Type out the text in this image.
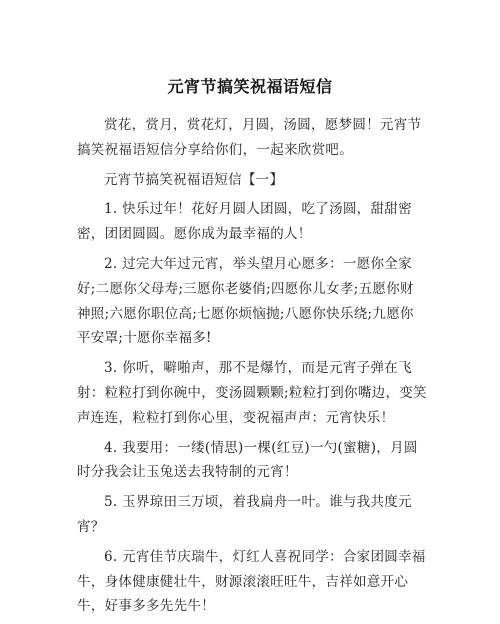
元宵节搞笑祝福语短信

赏花，赏月，赏花灯，月圆，汤圆，愿梦圆！元宵节搞笑祝福语短信分享给你们，一起来欣赏吧。

元宵节搞笑祝福语短信【一】

1. 快乐过年！花好月圆人团圆，吃了汤圆，甜甜密密，团团圆圆。愿你成为最幸福的人！

2. 过完大年过元宵，举头望月心愿多：一愿你全家好;二愿你父母寿;三愿你老婆俏;四愿你儿女孝;五愿你财神照;六愿你职位高;七愿你烦恼抛;八愿你快乐绕;九愿你平安罩;十愿你幸福多!

3. 你听，噼啪声，那不是爆竹，而是元宵子弹在飞射：粒粒打到你碗中，变汤圆颗颗;粒粒打到你嘴边，变笑声连连，粒粒打到你心里，变祝福声声：元宵快乐！

4. 我要用：一缕(情思)一棵(红豆)一勺(蜜糖)，月圆时分我会让玉兔送去我特制的元宵！

5. 玉界琼田三万顷，着我扁舟一叶。谁与我共度元宵？

6. 元宵佳节庆瑞牛，灯红人喜祝同学：合家团圆幸福牛，身体健康健壮牛，财源滚滚旺旺牛，吉祥如意开心牛，好事多多先先牛！
